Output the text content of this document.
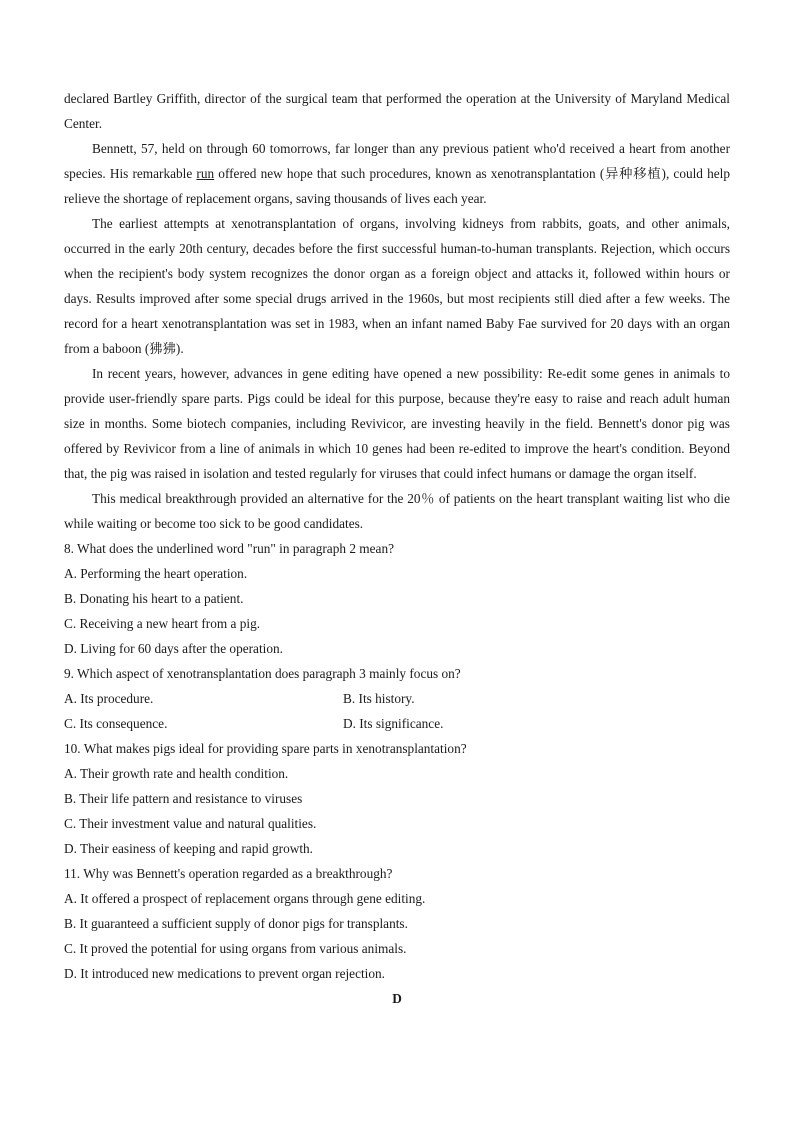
declared Bartley Griffith, director of the surgical team that performed the operation at the University of Maryland Medical Center.

Bennett, 57, held on through 60 tomorrows, far longer than any previous patient who'd received a heart from another species. His remarkable run offered new hope that such procedures, known as xenotransplantation (异种移植), could help relieve the shortage of replacement organs, saving thousands of lives each year.

The earliest attempts at xenotransplantation of organs, involving kidneys from rabbits, goats, and other animals, occurred in the early 20th century, decades before the first successful human-to-human transplants. Rejection, which occurs when the recipient's body system recognizes the donor organ as a foreign object and attacks it, followed within hours or days. Results improved after some special drugs arrived in the 1960s, but most recipients still died after a few weeks. The record for a heart xenotransplantation was set in 1983, when an infant named Baby Fae survived for 20 days with an organ from a baboon (狒狒).

In recent years, however, advances in gene editing have opened a new possibility: Re-edit some genes in animals to provide user-friendly spare parts. Pigs could be ideal for this purpose, because they're easy to raise and reach adult human size in months. Some biotech companies, including Revivicor, are investing heavily in the field. Bennett's donor pig was offered by Revivicor from a line of animals in which 10 genes had been re-edited to improve the heart's condition. Beyond that, the pig was raised in isolation and tested regularly for viruses that could infect humans or damage the organ itself.

This medical breakthrough provided an alternative for the 20％ of patients on the heart transplant waiting list who die while waiting or become too sick to be good candidates.

8. What does the underlined word "run" in paragraph 2 mean?
A. Performing the heart operation.
B. Donating his heart to a patient.
C. Receiving a new heart from a pig.
D. Living for 60 days after the operation.
9. Which aspect of xenotransplantation does paragraph 3 mainly focus on?
A. Its procedure.	B. Its history.
C. Its consequence.	D. Its significance.
10. What makes pigs ideal for providing spare parts in xenotransplantation?
A. Their growth rate and health condition.
B. Their life pattern and resistance to viruses
C. Their investment value and natural qualities.
D. Their easiness of keeping and rapid growth.
11. Why was Bennett's operation regarded as a breakthrough?
A. It offered a prospect of replacement organs through gene editing.
B. It guaranteed a sufficient supply of donor pigs for transplants.
C. It proved the potential for using organs from various animals.
D. It introduced new medications to prevent organ rejection.
D
